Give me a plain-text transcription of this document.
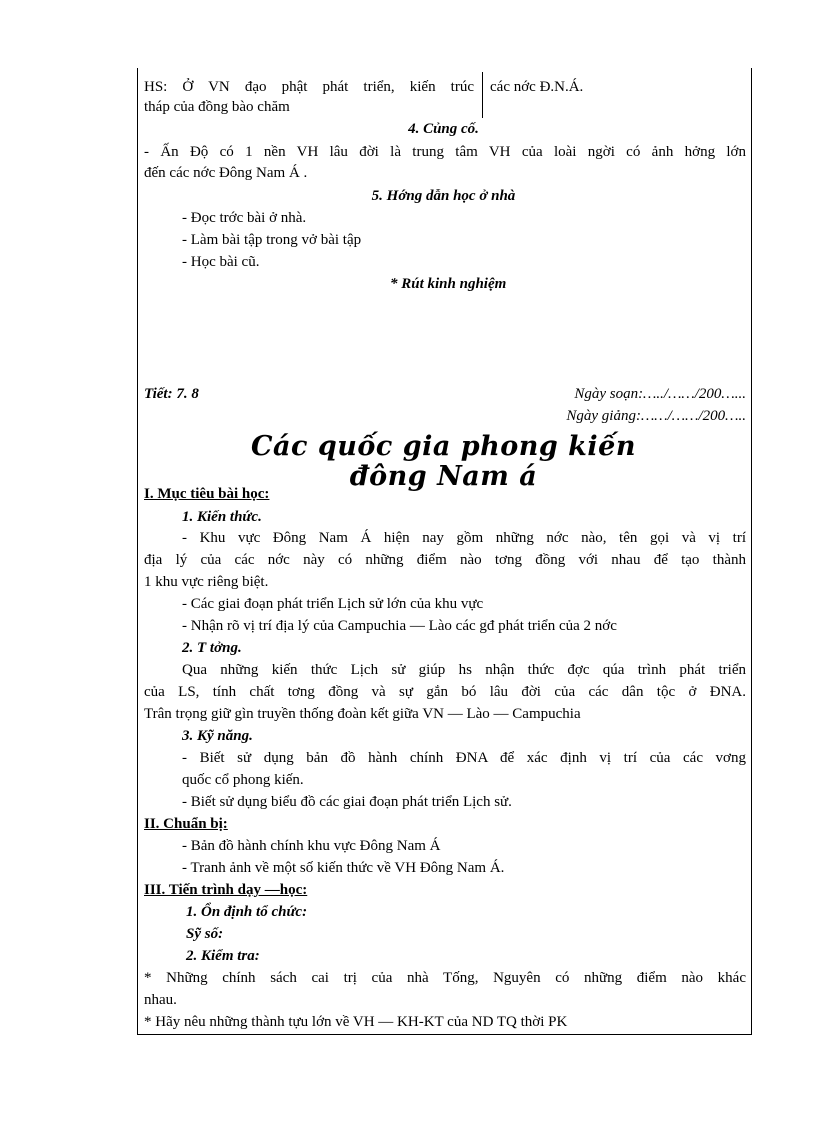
HS: Ở VN đạo phật phát triển, kiến trúc
tháp của đồng bào chăm
các nớc Đ.N.Á.
4. Củng cố.
- Ấn Độ có 1 nền VH lâu đời là trung tâm VH của loài ngời có ảnh hởng lớn
đến các nớc Đông Nam Á .
5. Hớng dẫn học ở nhà
- Đọc trớc bài ở nhà.
- Làm bài tập trong vở bài tập
- Học bài cũ.
* Rút kinh nghiệm
Tiết: 7. 8	Ngày soạn:…../……/200…...
Ngày giảng:……/……/200…..
Các quốc gia phong kiến
đông Nam á
I. Mục tiêu bài học:
1. Kiến thức.
- Khu vực Đông Nam Á hiện nay gồm những nớc nào, tên gọi và vị trí
địa lý của các nớc này có những điểm nào tơng đồng với nhau để tạo thành
1 khu vực riêng biệt.
- Các giai đoạn phát triển Lịch sử lớn của khu vực
- Nhận rõ vị trí địa lý của Campuchia — Lào các gđ phát triển của 2 nớc
2. T tởng.
Qua những kiến thức Lịch sử giúp hs nhận thức đợc qúa trình phát triển
của LS, tính chất tơng đồng và sự gắn bó lâu đời của các dân tộc ở ĐNA.
Trân trọng giữ gìn truyền thống đoàn kết giữa VN — Lào — Campuchia
3. Kỹ năng.
- Biết sử dụng bản đồ hành chính ĐNA để xác định vị trí của các vơng
quốc cổ phong kiến.
- Biết sử dụng biểu đồ các giai đoạn phát triển Lịch sử.
II. Chuẩn bị:
- Bản đồ hành chính khu vực Đông Nam Á
- Tranh ảnh về một số kiến thức về VH Đông Nam Á.
III. Tiến trình dạy —học:
1. Ổn định tổ chức:
Sỹ số:
2. Kiểm tra:
* Những chính sách cai trị của nhà Tống, Nguyên có những điểm nào khác
nhau.
* Hãy nêu những thành tựu lớn về VH — KH-KT của ND TQ thời PK
